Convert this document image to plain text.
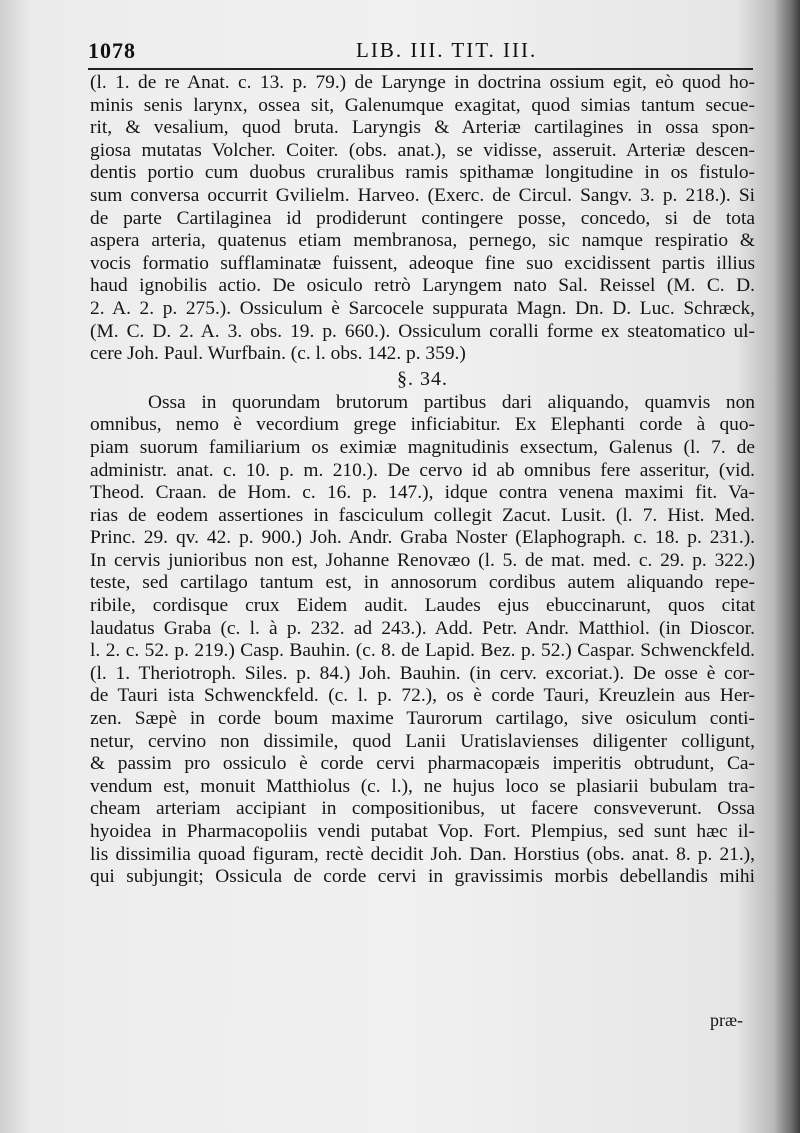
1078	LIB. III. TIT. III.
(l. 1. de re Anat. c. 13. p. 79.) de Larynge in doctrina ossium egit, eò quod ho-
minis senis larynx, ossea sit, Galenumque exagitat, quod simias tantum secue-
rit, & vesalium, quod bruta. Laryngis & Arteriæ cartilagines in ossa spon-
giosa mutatas Volcher. Coiter. (obs. anat.), se vidisse, asseruit. Arteriæ descen-
dentis portio cum duobus cruralibus ramis spithamæ longitudine in os fistulo-
sum conversa occurrit Gvilielm. Harveo. (Exerc. de Circul. Sangv. 3. p. 218.). Si
de parte Cartilaginea id prodiderunt contingere posse, concedo, si de tota
aspera arteria, quatenus etiam membranosa, pernego, sic namque respiratio &
vocis formatio sufflaminatæ fuissent, adeoque fine suo excidissent partis illius
haud ignobilis actio. De osiculo retrò Laryngem nato Sal. Reissel (M. C. D.
2. A. 2. p. 275.). Ossiculum è Sarcocele suppurata Magn. Dn. D. Luc. Schræck,
(M. C. D. 2. A. 3. obs. 19. p. 660.). Ossiculum coralli forme ex steatomatico ul-
cere Joh. Paul. Wurfbain. (c. l. obs. 142. p. 359.)
§. 34.
Ossa in quorundam brutorum partibus dari aliquando, quamvis non
omnibus, nemo è vecordium grege inficiabitur. Ex Elephanti corde à quo-
piam suorum familiarium os eximiæ magnitudinis exsectum, Galenus (l. 7. de
administr. anat. c. 10. p. m. 210.). De cervo id ab omnibus fere asseritur, (vid.
Theod. Craan. de Hom. c. 16. p. 147.), idque contra venena maximi fit. Va-
rias de eodem assertiones in fasciculum collegit Zacut. Lusit. (l. 7. Hist. Med.
Princ. 29. qv. 42. p. 900.) Joh. Andr. Graba Noster (Elaphograph. c. 18. p. 231.).
In cervis junioribus non est, Johanne Renovæo (l. 5. de mat. med. c. 29. p. 322.)
teste, sed cartilago tantum est, in annosorum cordibus autem aliquando repe-
ribile, cordisque crux Eidem audit. Laudes ejus ebuccinarunt, quos citat
laudatus Graba (c. l. à p. 232. ad 243.). Add. Petr. Andr. Matthiol. (in Dioscor.
l. 2. c. 52. p. 219.) Casp. Bauhin. (c. 8. de Lapid. Bez. p. 52.) Caspar. Schwenckfeld.
(l. 1. Theriotroph. Siles. p. 84.) Joh. Bauhin. (in cerv. excoriat.). De osse è cor-
de Tauri ista Schwenckfeld. (c. l. p. 72.), os è corde Tauri, Kreuzlein aus Her-
zen. Sæpè in corde boum maxime Taurorum cartilago, sive osiculum conti-
netur, cervino non dissimile, quod Lanii Uratislavienses diligenter colligunt,
& passim pro ossiculo è corde cervi pharmacopæis imperitis obtrudunt, Ca-
vendum est, monuit Matthiolus (c. l.), ne hujus loco se plasiarii bubulam tra-
cheam arteriam accipiant in compositionibus, ut facere consveverunt. Ossa
hyoidea in Pharmacopoliis vendi putabat Vop. Fort. Plempius, sed sunt hæc il-
lis dissimilia quoad figuram, rectè decidit Joh. Dan. Horstius (obs. anat. 8. p. 21.),
qui subjungit; Ossicula de corde cervi in gravissimis morbis debellandis mihi
præ-
